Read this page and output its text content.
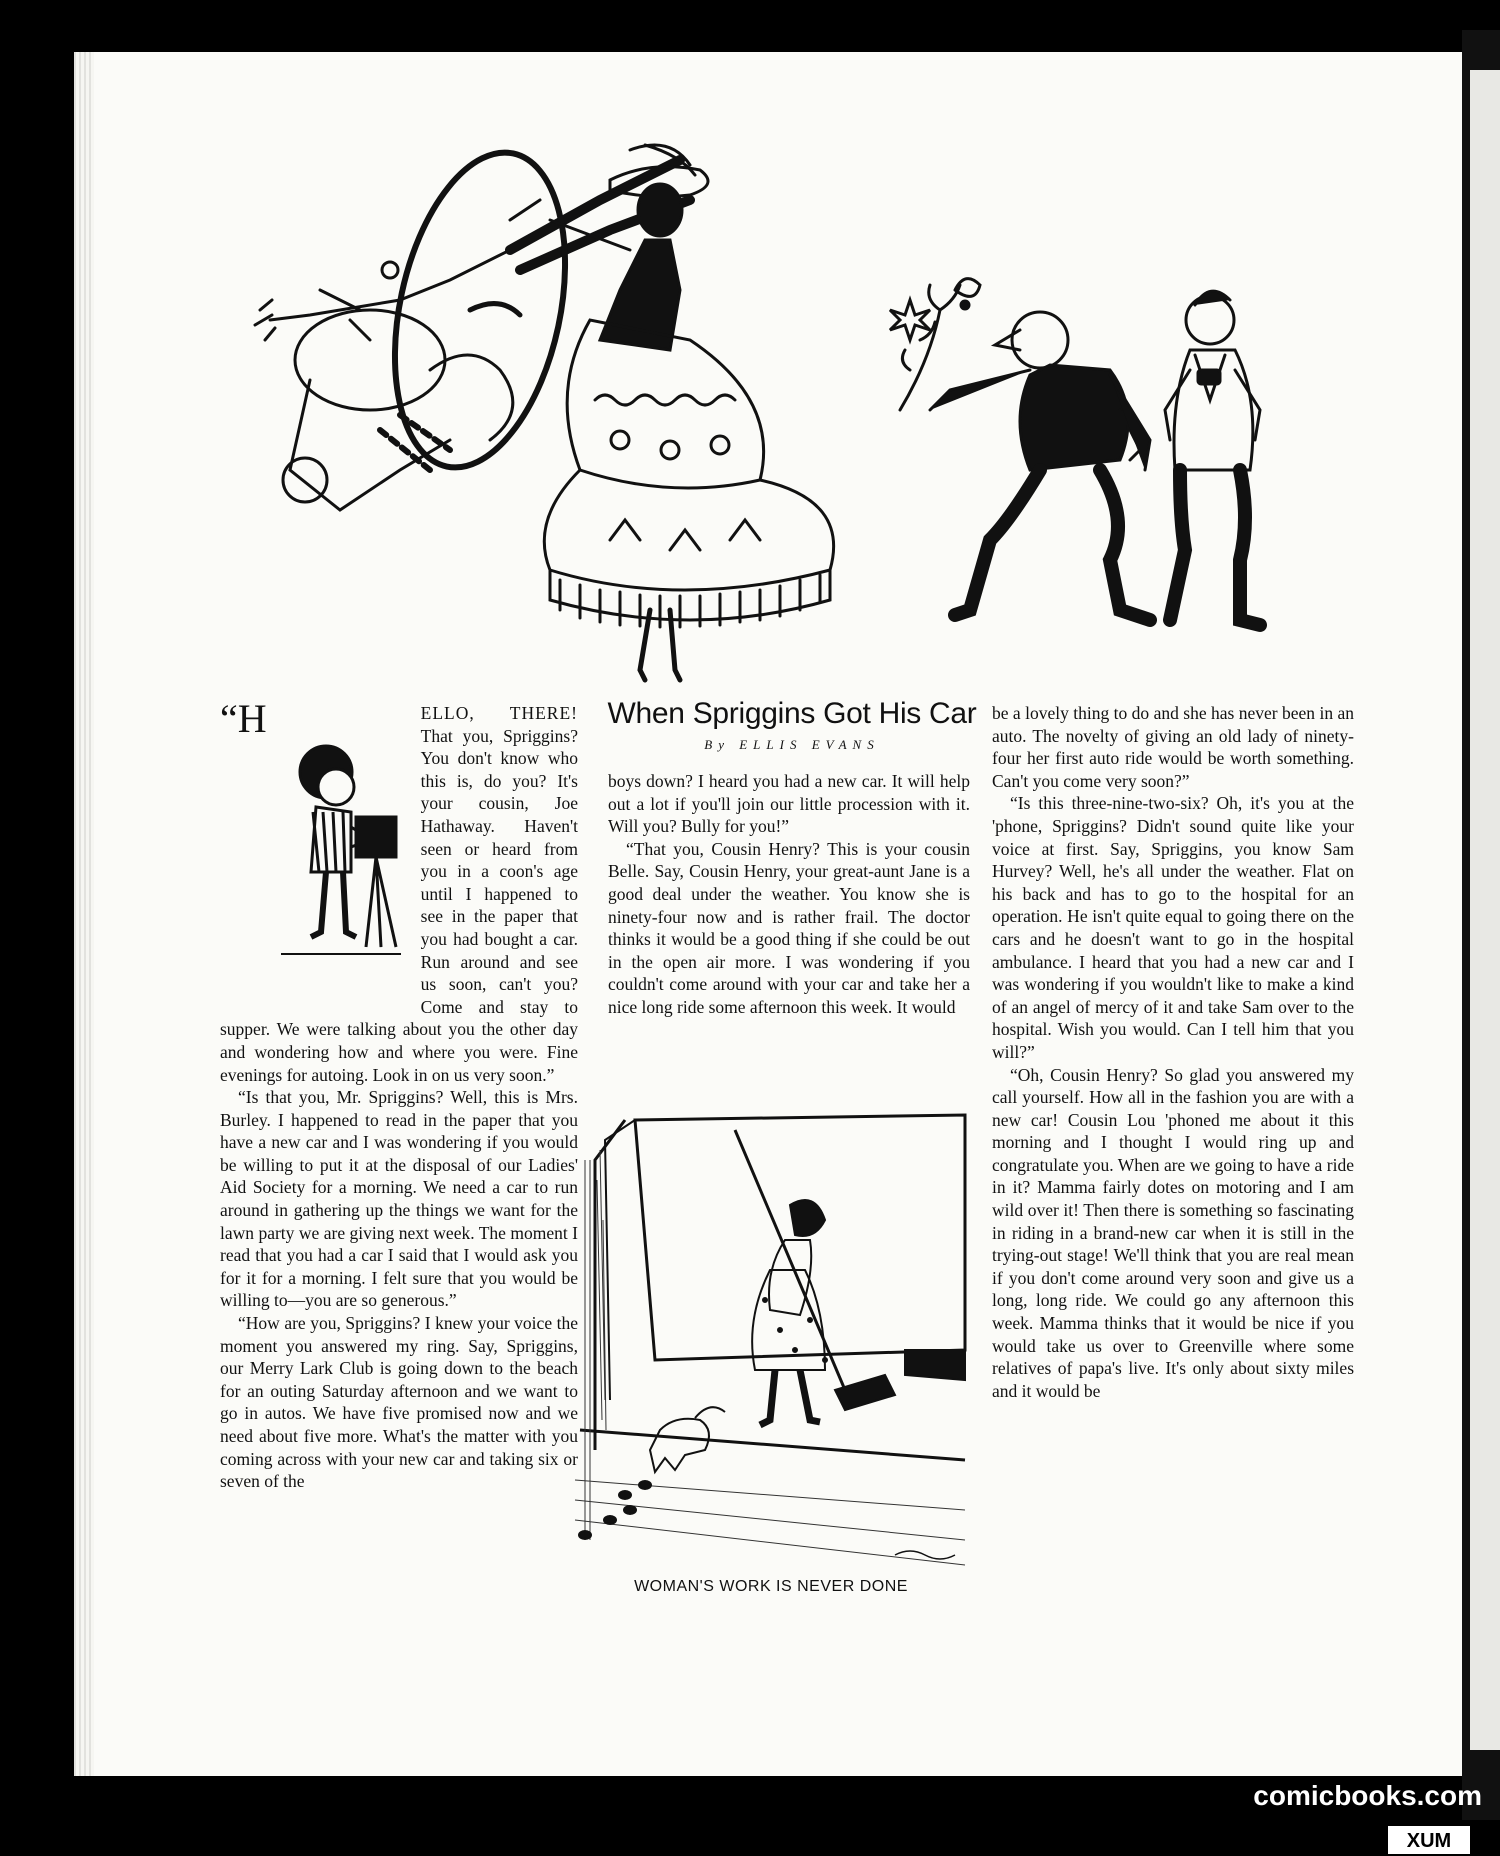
When Spriggins Got His Car
By ELLIS EVANS

“H	ELLO, THERE!
That you, Spriggins? You don't know who this is, do you? It's your cousin, Joe Hathaway. Haven't seen or heard from you in a coon's age until I happened to see in the paper that you had bought a car. Run around and see us soon, can't you? Come and stay to supper. We were talking about you the other day and wondering how and where you were. Fine evenings for autoing. Look in on us very soon.”

“Is that you, Mr. Spriggins? Well, this is Mrs. Burley. I happened to read in the paper that you have a new car and I was wondering if you would be willing to put it at the disposal of our Ladies' Aid Society for a morning. We need a car to run around in gathering up the things we want for the lawn party we are giving next week. The moment I read that you had a car I said that I would ask you for it for a morning. I felt sure that you would be willing to—you are so generous.”

“How are you, Spriggins? I knew your voice the moment you answered my ring. Say, Spriggins, our Merry Lark Club is going down to the beach for an outing Saturday afternoon and we want to go in autos. We have five promised now and we need about five more. What's the matter with you coming across with your new car and taking six or seven of the

boys down? I heard you had a new car. It will help out a lot if you'll join our little procession with it. Will you? Bully for you!”

“That you, Cousin Henry? This is your cousin Belle. Say, Cousin Henry, your great-aunt Jane is a good deal under the weather. You know she is ninety-four now and is rather frail. The doctor thinks it would be a good thing if she could be out in the open air more. I was wondering if you couldn't come around with your car and take her a nice long ride some afternoon this week. It would

WOMAN'S WORK IS NEVER DONE

be a lovely thing to do and she has never been in an auto. The novelty of giving an old lady of ninety-four her first auto ride would be worth something. Can't you come very soon?”

“Is this three-nine-two-six? Oh, it's you at the 'phone, Spriggins? Didn't sound quite like your voice at first. Say, Spriggins, you know Sam Hurvey? Well, he's all under the weather. Flat on his back and has to go to the hospital for an operation. He isn't quite equal to going there on the cars and he doesn't want to go in the hospital ambulance. I heard that you had a new car and I was wondering if you wouldn't like to make a kind of an angel of mercy of it and take Sam over to the hospital. Wish you would. Can I tell him that you will?”

“Oh, Cousin Henry? So glad you answered my call yourself. How all in the fashion you are with a new car! Cousin Lou 'phoned me about it this morning and I thought I would ring up and congratulate you. When are we going to have a ride in it? Mamma fairly dotes on motoring and I am wild over it! Then there is something so fascinating in riding in a brand-new car when it is still in the trying-out stage! We'll think that you are real mean if you don't come around very soon and give us a long, long ride. We could go any afternoon this week. Mamma thinks that it would be nice if you would take us over to Greenville where some relatives of papa's live. It's only about sixty miles and it would be

comicbooks.com
XUM
